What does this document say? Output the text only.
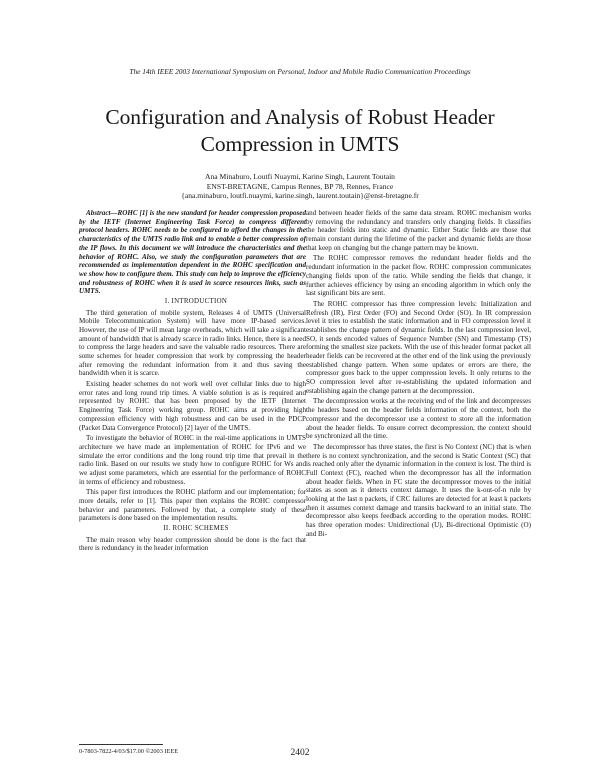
The 14th IEEE 2003 International Symposium on Personal, Indoor and Mobile Radio Communication Proceedings
Configuration and Analysis of Robust Header
Compression in UMTS
Ana Minaburo, Loutfi Nuaymi, Karine Singh, Laurent Toutain
ENST-BRETAGNE, Campus Rennes, BP 78, Rennes, France
{ana.minaburo, loutfi.nuaymi, karine.singh, laurent.toutain}@enst-bretagne.fr

Abstract—ROHC [1] is the new standard for header compression proposed by the IETF (Internet Engineering Task Force) to compress different protocol headers. ROHC needs to be configured to afford the changes in the characteristics of the UMTS radio link and to enable a better compression of the IP flows. In this document we will introduce the characteristics and the behavior of ROHC. Also, we study the configuration parameters that are recommended as implementation dependent in the ROHC specification and we show how to configure them. This study can help to improve the efficiency and robustness of ROHC when it is used in scarce resources links, such as UMTS.

I. INTRODUCTION

The third generation of mobile system, Releases 4 of UMTS (Universal Mobile Telecommunication System) will have more IP-based services. However, the use of IP will mean large overheads, which will take a significant amount of bandwidth that is already scarce in radio links. Hence, there is a need to compress the large headers and save the valuable radio resources. There are some schemes for header compression that work by compressing the header after removing the redundant information from it and thus saving the bandwidth when it is scarce.

Existing header schemes do not work well over cellular links due to high error rates and long round trip times. A viable solution is as is required and represented by ROHC that has been proposed by the IETF (Internet Engineering Task Force) working group. ROHC aims at providing high compression efficiency with high robustness and can be used in the PDCP (Packet Data Convergence Protocol) [2] layer of the UMTS.

To investigate the behavior of ROHC in the real-time applications in UMTS architecture we have made an implementation of ROHC for IPv6 and we simulate the error conditions and the long round trip time that prevail in the radio link. Based on our results we study how to configure ROHC for Ws and we adjust some parameters, which are essential for the performance of ROHC in terms of efficiency and robustness.

This paper first introduces the ROHC platform and our implementation; for more details, refer to [1]. This paper then explains the ROHC compressor behavior and parameters. Followed by that, a complete study of these parameters is done based on the implementation results.

II. ROHC SCHEMES

The main reason why header compression should be done is the fact that there is redundancy in the header information

and between header fields of the same data stream. ROHC mechanism works by removing the redundancy and transfers only changing fields. It classifies the header fields into static and dynamic. Either Static fields are those that remain constant during the lifetime of the packet and dynamic fields are those that keep on changing but the change pattern may be known.

The ROHC compressor removes the redundant header fields and the redundant information in the packet flow. ROHC compression communicates changing fields upon of the ratio. While sending the fields that change, it further achieves efficiency by using an encoding algorithm in which only the last significant bits are sent.

The ROHC compressor has three compression levels: Initialization and Refresh (IR), First Order (FO) and Second Order (SO). In IR compression level it tries to establish the static information and in FO compression level it establishes the change pattern of dynamic fields. In the last compression level, SO, it sends encoded values of Sequence Number (SN) and Timestamp (TS) forming the smallest size packets. With the use of this header format packet all header fields can be recovered at the other end of the link using the previously established change pattern. When some updates or errors are there, the compressor goes back to the upper compression levels. It only returns to the SO compression level after re-establishing the updated information and establishing again the change pattern at the decompression.

The decompression works at the receiving end of the link and decompresses the headers based on the header fields information of the context, both the compressor and the decompressor use a context to store all the information about the header fields. To ensure correct decompression, the context should be synchronized all the time.

The decompressor has three states, the first is No Context (NC) that is when there is no context synchronization, and the second is Static Context (SC) that is reached only after the dynamic information in the context is lost. The third is Full Context (FC), reached when the decompressor has all the information about header fields. When in FC state the decompressor moves to the initial states as soon as it detects context damage. It uses the k-out-of-n rule by looking at the last n packets, if CRC failures are detected for at least k packets then it assumes context damage and transits backward to an initial state. The decompressor also keeps feedback according to the operation modes. ROHC has three operation modes: Unidirectional (U), Bi-directional Optimistic (O) and Bi-

0-7803-7822-4/03/$17.00 ©2003 IEEE	2402
